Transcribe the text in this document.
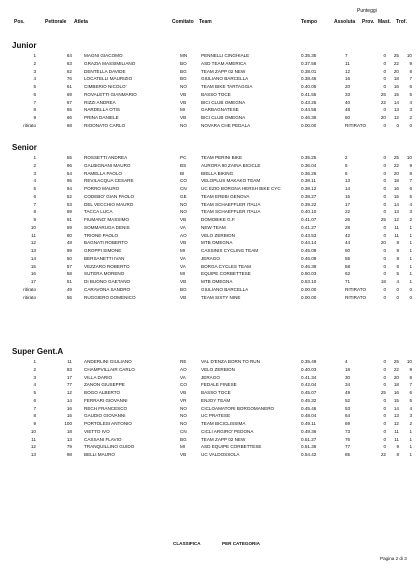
Punteggi
Pos.	Pettorale Atleta	Comitato Team	Tempo	Assoluta Prov. Mast. Trof.
Junior
1	64	MAGNI GIACOMO	MN	PENNELLI CINGHIALE	0.35.35	7	0	25	10
2	63	GRAZIA MASSIMILIANO	BO	ASD TEAM AMERICA	0.37.58	11	0	22	9
3	62	DENTELLA DAVIDE	BG	TEAM ZAPP 02 NEW	0.38.01	12	0	20	8
4	76	LOCATELLI MAURIZIO	BG	GIULIANO BARCELLA	0.38.46	16	0	18	7
5	61	CIMBERIO NICOLO'	NO	TEAM BIKE TARTAGGIA	0.40.05	20	0	16	6
6	69	ROVALETTI GIANMARIO	VB	BASSO TOCE	0.41.55	33	25	15	5
7	67	RIZZI ANDREA	VB	BICI CLUB OMEGNA	0.43.25	40	22	14	4
8	65	NARDELLA OTIS	MI	GARBAGNATESE	0.44.58	48	0	13	3
9	66	PRINA DANIELE	VB	BICI CLUB OMEGNA	0.46.36	50	20	12	2
ritirato	68	RIOONATO CARLO	NO	NOVARA CHE PEDALA	0.00.00	RITIRATO	0	0	0
Senior
1	55	ROSSETTI ANDREA	PC	TEAM PERINI BIKE	0.35.25	2	0	25	10
2	96	GALBIGNANI MAURO	BS	AURORA 90 ZAINA BICICLE	0.36.04	5	0	22	9
3	54	RAMELLA PAOLO	BI	BIELLA BIKING	0.36.26	6	0	20	8
4	95	REVILACQUA CESARE	CO	VELOPLUS MAKAKO TEAM	0.38.11	13	0	18	7
5	94	PORRO MAURO	CN	UC EZIO BORGNA HERSH BIKE CYC	0.38.12	14	0	16	6
6	52	CODEBO' GIAN PAOLO	GE	TEAM EREBI GENOVA	0.38.27	15	0	15	5
7	53	DEL VECCHIO MAURO	NO	TEAM SCHAEFFLER ITALIA	0.39.22	17	0	14	4
8	89	TACCA LUCA	NO	TEAM SCHAEFFLER ITALIA	0.40.10	22	0	13	3
9	91	FIUMANO' MASSIMO	VB	DOMOBIKE G.F.	0.41.07	26	25	12	2
10	59	SOMMARUGA DENIS	VA	NEW TEAM	0.41.27	28	0	11	1
11	60	TRIONE PAOLO	AO	VELO ZERBION	0.43.53	42	0	11	1
12	48	BAGNATI ROBERTO	VB	MTB OMEGNA	0.44.14	44	20	8	1
13	99	GROPPI SIMONE	MI	CASSINIS CYCLING TEAM	0.45.09	50	0	9	1
14	50	BERSANETTI IVAN	VA	JERAGO	0.46.09	55	0	8	1
15	57	VEZZARO ROBERTO	VA	BORGA CYCLES TEAM	0.46.39	58	0	6	1
16	58	SUTERA MORENO	MI	EQUIPE CORBETTESE	0.50.03	62	0	5	1
17	51	DI BUONO GAETANO	VB	MTB OMEGNA	0.53.10	71	18	4	1
ritirato	49	CARAVONA SANDRO	BG	GIULIANO BARCELLA	0.00.00	RITIRATO	0	0	0
ritirato	56	RUGGIERO DOMENICO	VB	TEAM SIXTY NINE	0.00.00	RITIRATO	0	0	0
Super Gent.A
1	11	ANDERLINI GIULIANO	RE	VAL D'ENZA BORN TO RUN	0.35.49	4	0	25	10
2	83	CHAMPVILLAIR CARLO	AO	VELO ZERBION	0.40.03	18	0	22	9
3	17	VILLA DARIO	VA	JERAGO	0.41.34	30	0	20	8
4	77	ZANON GIUSEPPE	CO	FEDALE FINESE	0.42.04	34	0	18	7
5	12	BOGO ALBERTO	VB	BASSO TOCE	0.45.07	49	25	16	6
6	14	FERRARI GIOVANNI	VR	ENJOY TEAM	0.45.32	52	0	15	5
7	16	RECH FRANCESCO	NO	CICLOAMATORI BORGOMANERO	0.45.46	53	0	14	4
8	15	GAUDIO GIOVANNI	NO	UC PRATESE	0.48.04	64	0	13	3
9	100	PORTOLESI ANTONIO	NO	TEAM BICICLISSIMA	0.49.11	69	0	12	2
10	18	VIETTO IVO	CN	CICLI ARGIRO' PEDONA	0.49.36	73	0	11	1
11	13	CASSANI FLAVIO	BG	TEAM ZAPP 02 NEW	0.51.27	76	0	11	1
12	79	TRANQUILLINO GUIDO	MI	ASD EQUIPE CORBETTESE	0.51.36	77	0	9	1
13	98	BELLI MAURO	VB	UC VALDOSSOLA	0.54.42	85	22	8	1
CLASSIFICA	PER CATEGORIA
Pagina 2 di 3
